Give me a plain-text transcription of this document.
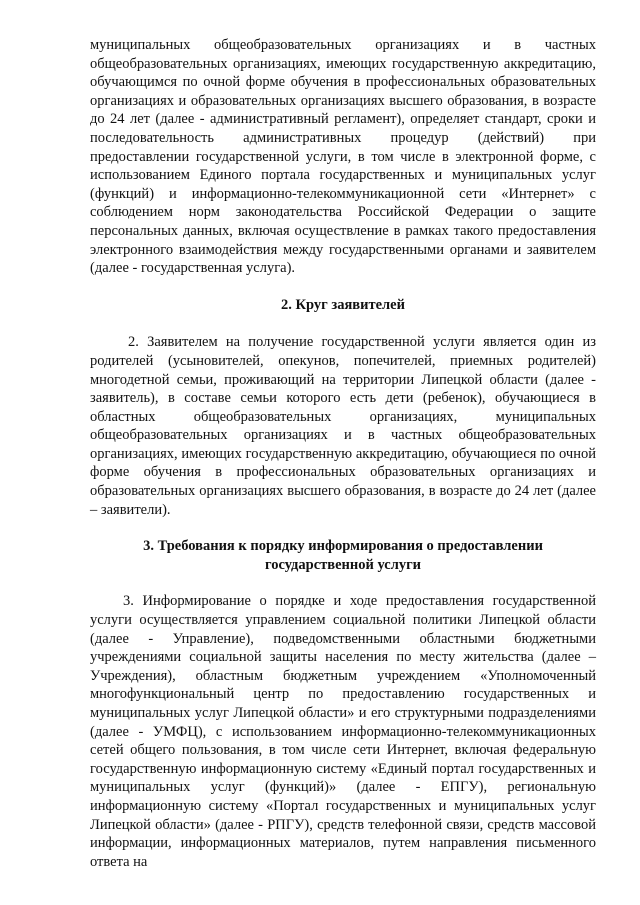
муниципальных общеобразовательных организациях и в частных общеобразовательных организациях, имеющих государственную аккредитацию, обучающимся по очной форме обучения в профессиональных образовательных организациях и образовательных организациях высшего образования, в возрасте до 24 лет (далее - административный регламент), определяет стандарт, сроки и последовательность административных процедур (действий) при предоставлении государственной услуги, в том числе в электронной форме, с использованием Единого портала государственных и муниципальных услуг (функций) и информационно-телекоммуникационной сети «Интернет» с соблюдением норм законодательства Российской Федерации о защите персональных данных, включая осуществление в рамках такого предоставления электронного взаимодействия между государственными органами и заявителем (далее - государственная услуга).

2. Круг заявителей

2. Заявителем на получение государственной услуги является один из родителей (усыновителей, опекунов, попечителей, приемных родителей) многодетной семьи, проживающий на территории Липецкой области (далее - заявитель), в составе семьи которого есть дети (ребенок), обучающиеся в областных общеобразовательных организациях, муниципальных общеобразовательных организациях и в частных общеобразовательных организациях, имеющих государственную аккредитацию, обучающиеся по очной форме обучения в профессиональных образовательных организациях и образовательных организациях высшего образования, в возрасте до 24 лет (далее – заявители).

3. Требования к порядку информирования о предоставлении

государственной услуги

3. Информирование о порядке и ходе предоставления государственной услуги осуществляется управлением социальной политики Липецкой области (далее - Управление), подведомственными областными бюджетными учреждениями социальной защиты населения по месту жительства (далее – Учреждения), областным бюджетным учреждением «Уполномоченный многофункциональный центр по предоставлению государственных и муниципальных услуг Липецкой области» и его структурными подразделениями (далее - УМФЦ), с использованием информационно-телекоммуникационных сетей общего пользования, в том числе сети Интернет, включая федеральную государственную информационную систему «Единый портал государственных и муниципальных услуг (функций)» (далее - ЕПГУ), региональную информационную систему «Портал государственных и муниципальных услуг Липецкой области» (далее - РПГУ), средств телефонной связи, средств массовой информации, информационных материалов, путем направления письменного ответа на
